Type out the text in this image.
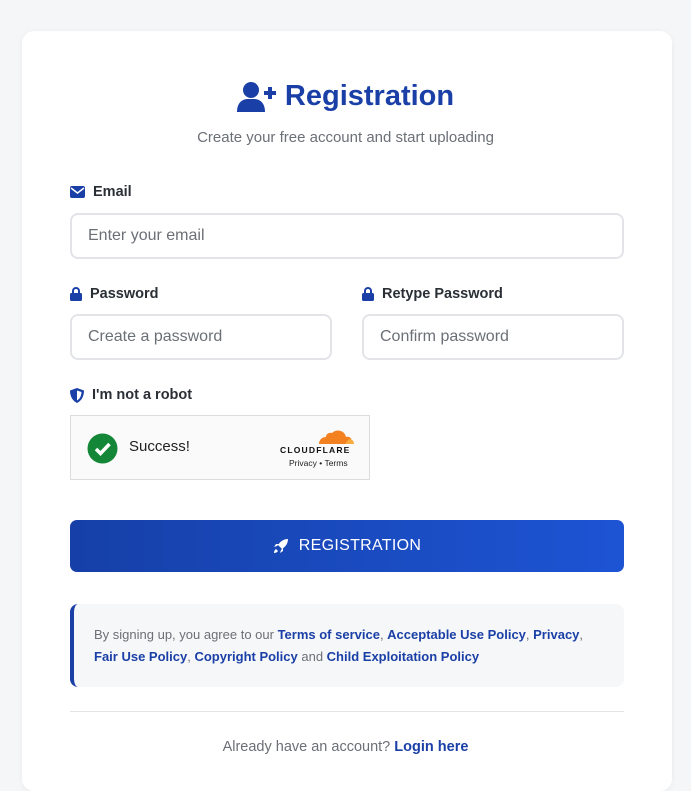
Registration
Create your free account and start uploading
Email
Enter your email
Password
Create a password
Retype Password
Confirm password
I'm not a robot
Success!	CLOUDFLARE
Privacy • Terms
REGISTRATION
By signing up, you agree to our Terms of service, Acceptable Use Policy, Privacy,
Fair Use Policy, Copyright Policy and Child Exploitation Policy
Already have an account? Login here
